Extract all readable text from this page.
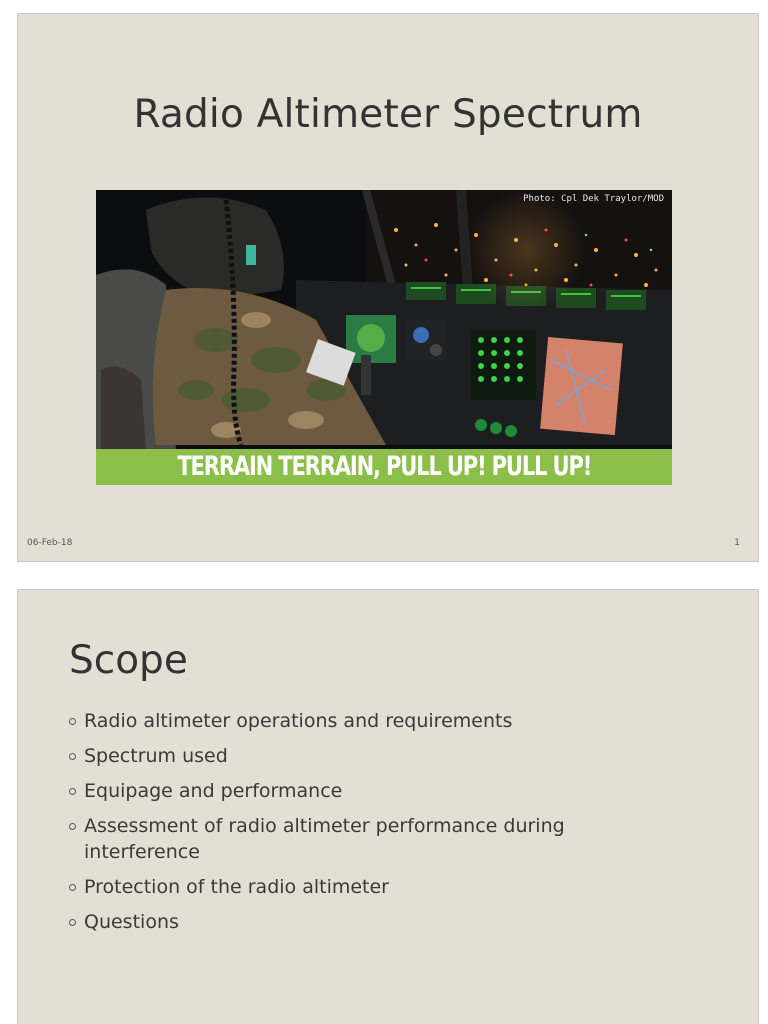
Radio Altimeter Spectrum
Photo: Cpl Dek Traylor/MOD
TERRAIN TERRAIN, PULL UP! PULL UP!
06-Feb-18	1
Scope
Radio altimeter operations and requirements
Spectrum used
Equipage and performance
Assessment of radio altimeter performance during interference
Protection of the radio altimeter
Questions
